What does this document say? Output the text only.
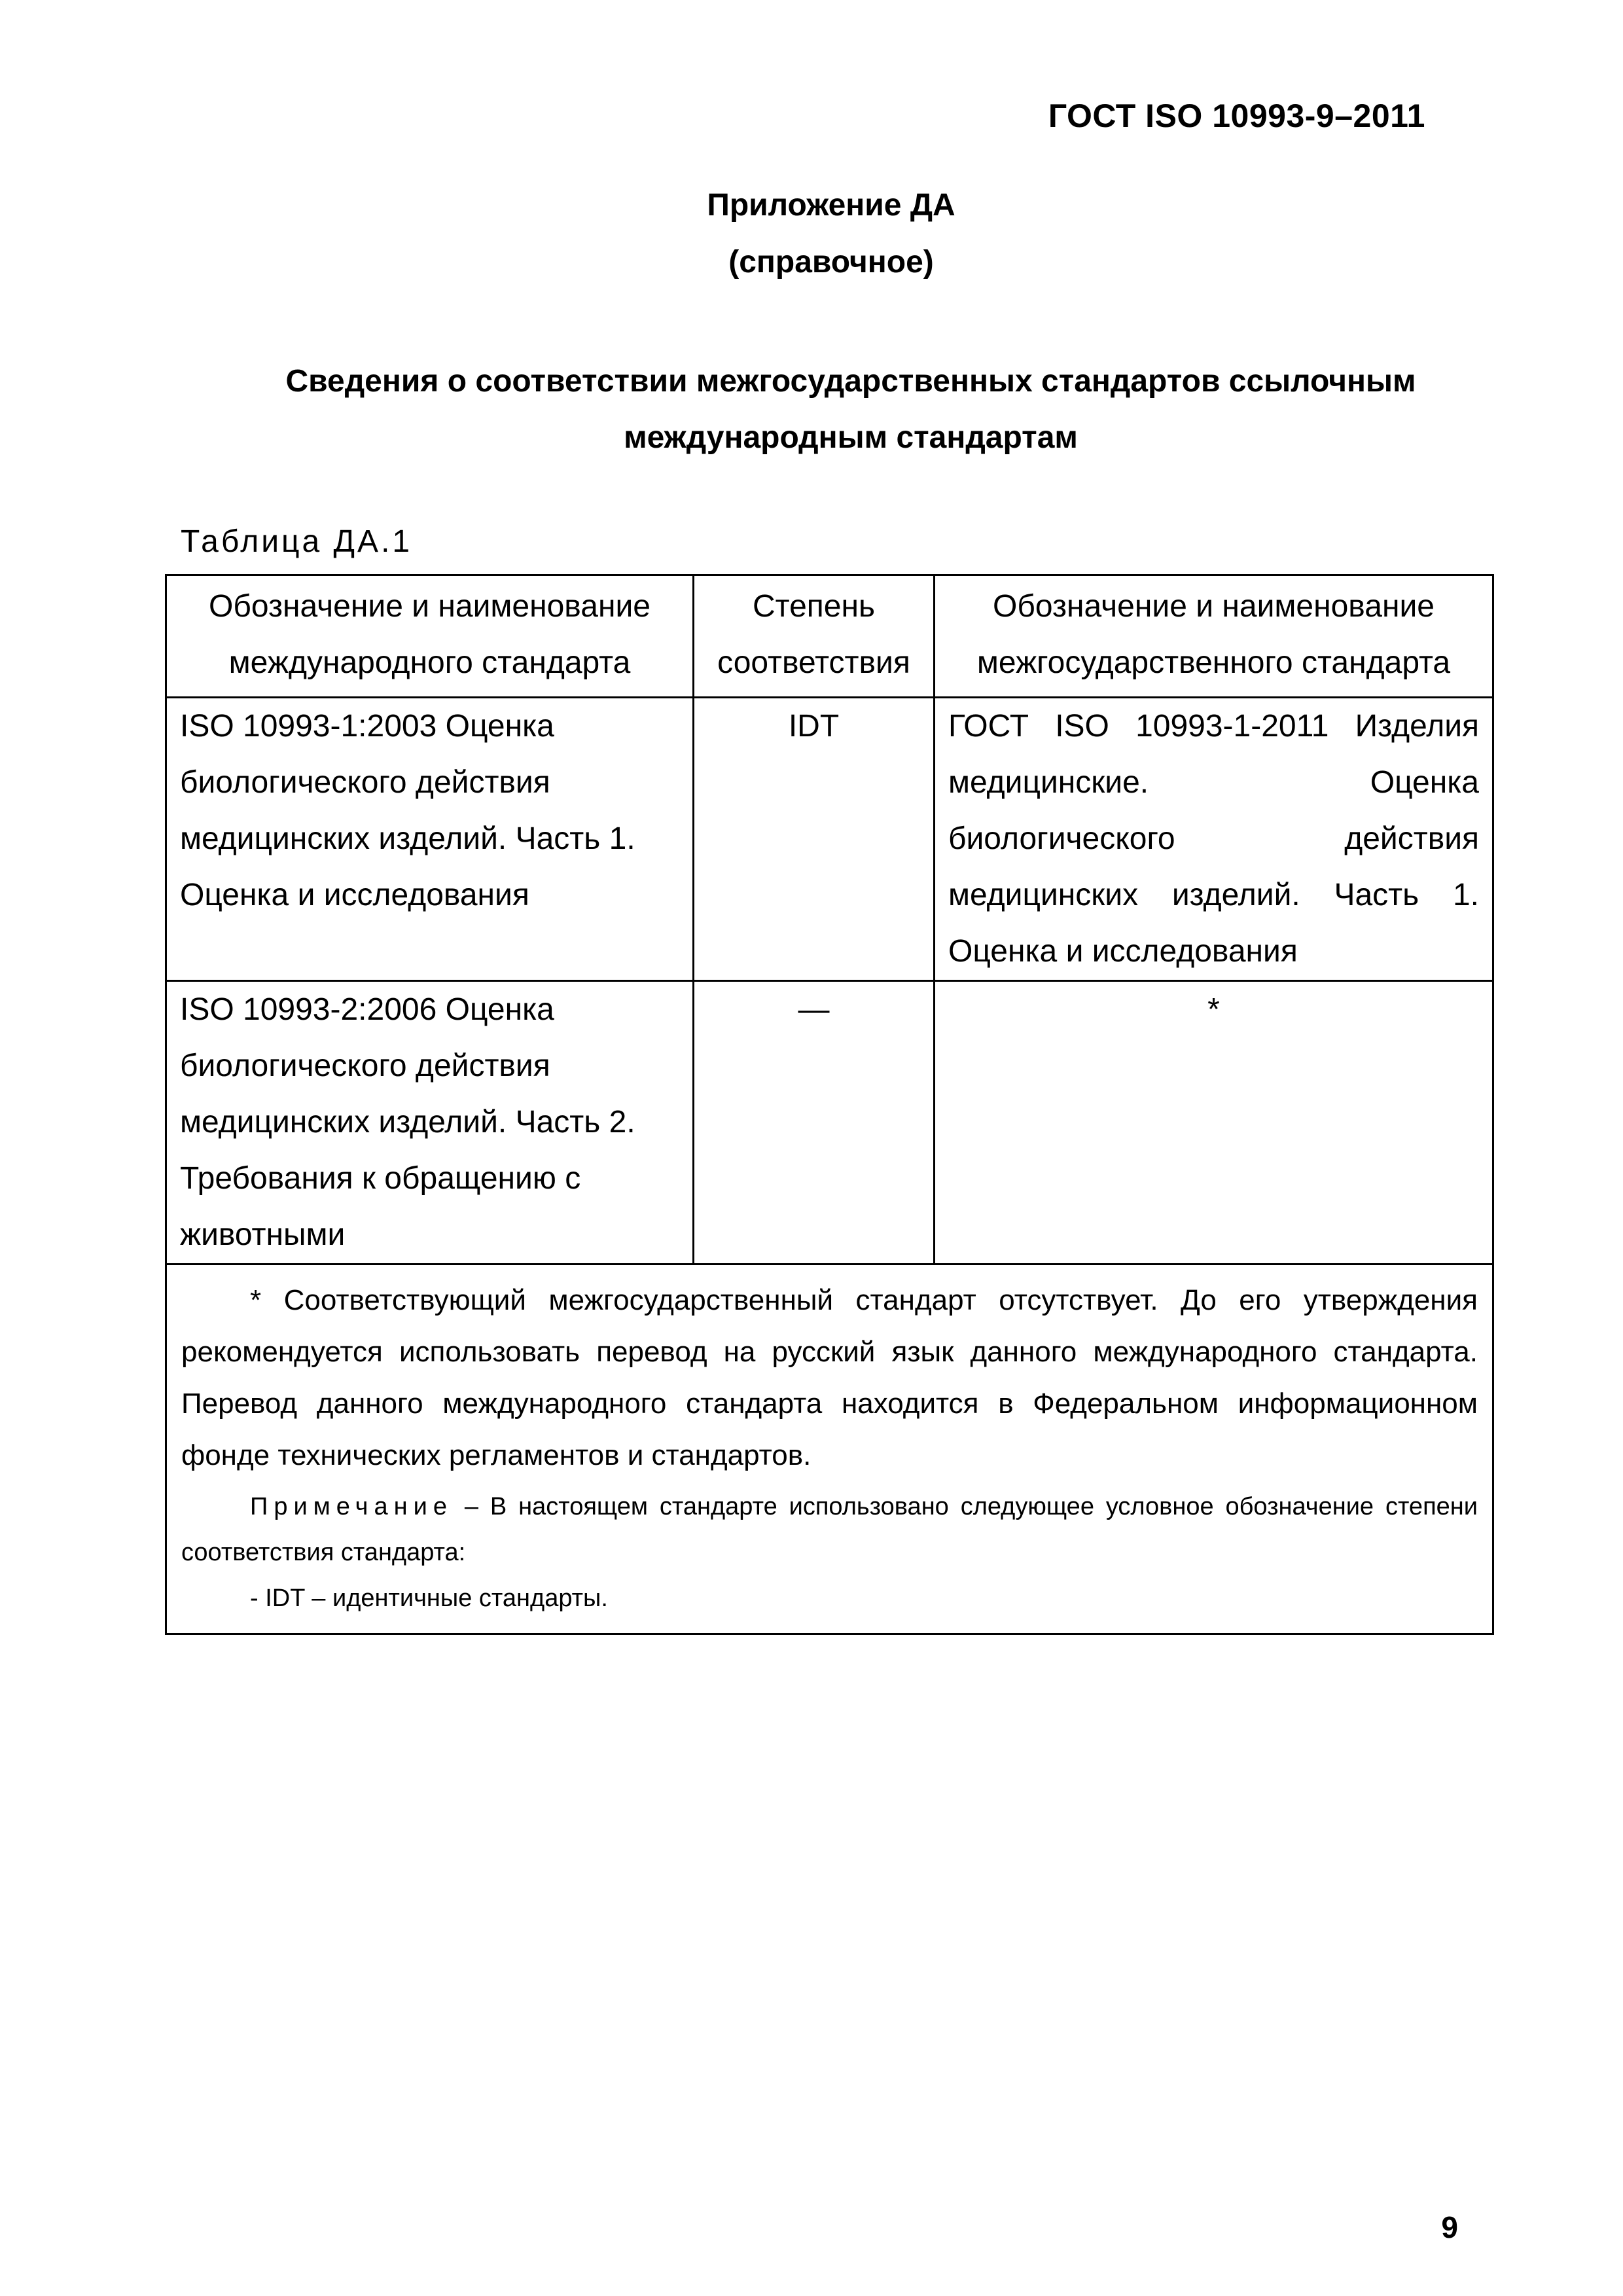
ГОСТ ISO 10993-9–2011
Приложение ДА
(справочное)
Сведения о соответствии межгосударственных стандартов ссылочным международным стандартам
Таблица ДА.1
Обозначение и наименование международного стандарта	Степень соответствия	Обозначение и наименование межгосударственного стандарта

ISO 10993-1:2003 Оценка биологического действия медицинских изделий. Часть 1. Оценка и исследования	IDT	ГОСТ ISO 10993-1-2011 Изделия медицинские. Оценка биологического действия медицинских изделий. Часть 1. Оценка и исследования

ISO 10993-2:2006 Оценка биологического действия медицинских изделий. Часть 2. Требования к обращению с животными	—	*

* Соответствующий межгосударственный стандарт отсутствует. До его утверждения рекомендуется использовать перевод на русский язык данного международного стандарта. Перевод данного международного стандарта находится в Федеральном информационном фонде технических регламентов и стандартов.

Примечание – В настоящем стандарте использовано следующее условное обозначение степени соответствия стандарта:

- IDT – идентичные стандарты.		

9
